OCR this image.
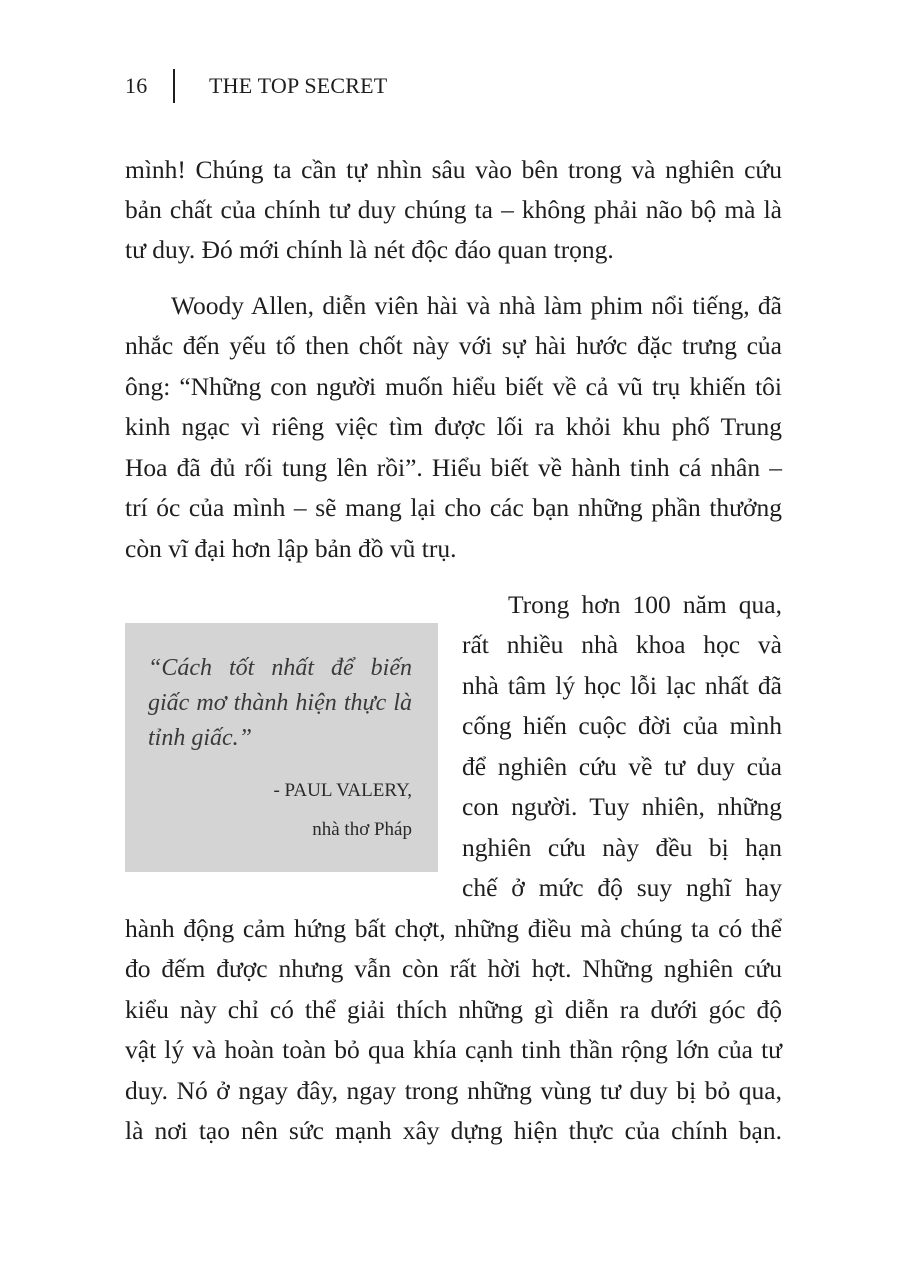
16	THE TOP SECRET
mình! Chúng ta cần tự nhìn sâu vào bên trong và nghiên cứu
bản chất của chính tư duy chúng ta – không phải não bộ mà là
tư duy. Đó mới chính là nét độc đáo quan trọng.
Woody Allen, diễn viên hài và nhà làm phim nổi tiếng, đã
nhắc đến yếu tố then chốt này với sự hài hước đặc trưng của
ông: “Những con người muốn hiểu biết về cả vũ trụ khiến tôi
kinh ngạc vì riêng việc tìm được lối ra khỏi khu phố Trung
Hoa đã đủ rối tung lên rồi”. Hiểu biết về hành tinh cá nhân –
trí óc của mình – sẽ mang lại cho các bạn những phần thưởng
còn vĩ đại hơn lập bản đồ vũ trụ.
Trong hơn 100 năm qua,
rất nhiều nhà khoa học và
nhà tâm lý học lỗi lạc nhất đã
cống hiến cuộc đời của mình
để nghiên cứu về tư duy của
con người. Tuy nhiên, những
nghiên cứu này đều bị hạn
chế ở mức độ suy nghĩ hay
hành động cảm hứng bất chợt, những điều mà chúng ta có thể
đo đếm được nhưng vẫn còn rất hời hợt. Những nghiên cứu
kiểu này chỉ có thể giải thích những gì diễn ra dưới góc độ
vật lý và hoàn toàn bỏ qua khía cạnh tinh thần rộng lớn của tư
duy. Nó ở ngay đây, ngay trong những vùng tư duy bị bỏ qua,
là nơi tạo nên sức mạnh xây dựng hiện thực của chính bạn.
“Cách tốt nhất để biến
giấc mơ thành hiện thực là
tỉnh giấc.”
- PAUL VALERY,
nhà thơ Pháp
